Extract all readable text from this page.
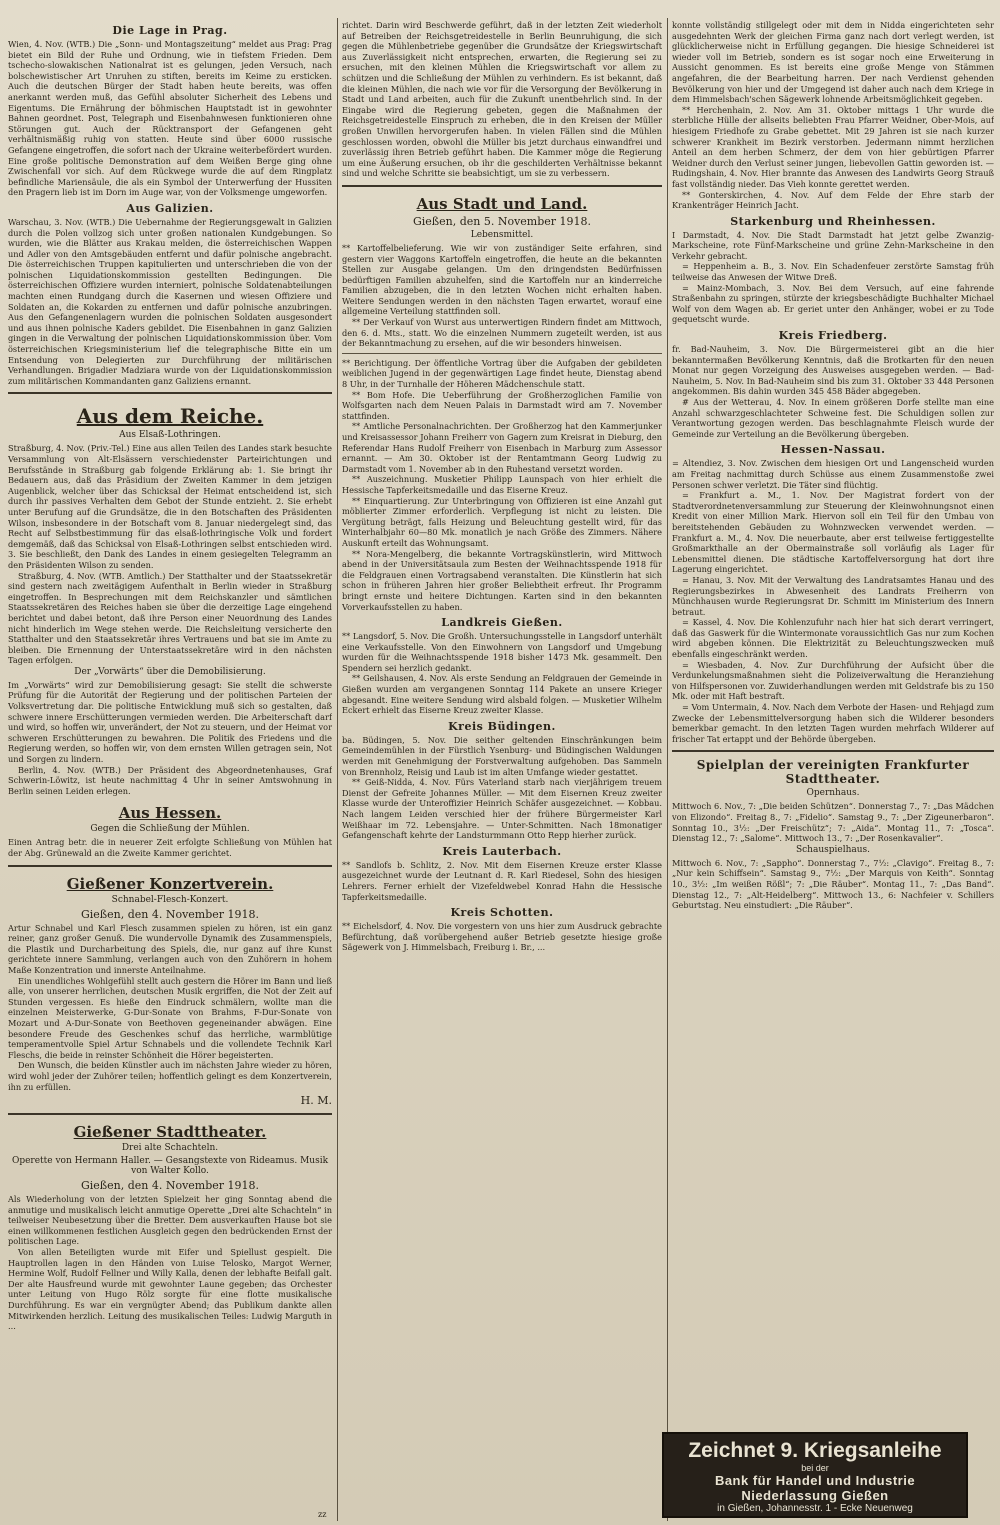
Die Lage in Prag.

Wien, 4. Nov. (WTB.) Die „Sonn- und Montagszeitung“ meldet aus Prag: Prag bietet ein Bild der Ruhe und Ordnung, wie in tiefstem Frieden. Dem tschecho-slowakischen Nationalrat ist es gelungen, jeden Versuch, nach bolschewistischer Art Unruhen zu stiften, bereits im Keime zu ersticken. Auch die deutschen Bürger der Stadt haben heute bereits, was offen anerkannt werden muß, das Gefühl absoluter Sicherheit des Lebens und Eigentums. Die Ernährung der böhmischen Hauptstadt ist in gewohnter Bahnen geordnet. Post, Telegraph und Eisenbahnwesen funktionieren ohne Störungen gut. Auch der Rücktransport der Gefangenen geht verhältnismäßig ruhig von statten. Heute sind über 6000 russische Gefangene eingetroffen, die sofort nach der Ukraine weiterbefördert wurden. Eine große politische Demonstration auf dem Weißen Berge ging ohne Zwischenfall vor sich. Auf dem Rückwege wurde die auf dem Ringplatz befindliche Mariensäule, die als ein Symbol der Unterwerfung der Hussiten den Pragern lieb ist im Dorn im Auge war, von der Volksmenge umgeworfen.

Aus Galizien.

Warschau, 3. Nov. (WTB.) Die Uebernahme der Regierungsgewalt in Galizien durch die Polen vollzog sich unter großen nationalen Kundgebungen. So wurden, wie die Blätter aus Krakau melden, die österreichischen Wappen und Adler von den Amtsgebäuden entfernt und dafür polnische angebracht. Die österreichischen Truppen kapitulierten und unterschrieben die von der polnischen Liquidationskommission gestellten Bedingungen. Die österreichischen Offiziere wurden interniert, polnische Soldatenabteilungen machten einen Rundgang durch die Kasernen und wiesen Offiziere und Soldaten an, die Kokarden zu entfernen und dafür polnische anzubringen. Aus den Gefangenenlagern wurden die polnischen Soldaten ausgesondert und aus ihnen polnische Kaders gebildet. Die Eisenbahnen in ganz Galizien gingen in die Verwaltung der polnischen Liquidationskommission über. Vom österreichischen Kriegsministerium lief die telegraphische Bitte ein um Entsendung von Delegierten zur Durchführung der militärischen Verhandlungen. Brigadier Madziara wurde von der Liquidationskommission zum militärischen Kommandanten ganz Galiziens ernannt.

Aus dem Reiche.
Aus Elsaß-Lothringen.

Straßburg, 4. Nov. (Priv.-Tel.) Eine aus allen Teilen des Landes stark besuchte Versammlung von Alt-Elsässern verschiedenster Parteirichtungen und Berufsstände in Straßburg gab folgende Erklärung ab: 1. Sie bringt ihr Bedauern aus, daß das Präsidium der Zweiten Kammer in dem jetzigen Augenblick, welcher über das Schicksal der Heimat entscheidend ist, sich durch ihr passives Verhalten dem Gebot der Stunde entzieht. 2. Sie erhebt unter Berufung auf die Grundsätze, die in den Botschaften des Präsidenten Wilson, insbesondere in der Botschaft vom 8. Januar niedergelegt sind, das Recht auf Selbstbestimmung für das elsaß-lothringische Volk und fordert demgemäß, daß das Schicksal von Elsaß-Lothringen selbst entschieden wird. 3. Sie beschließt, den Dank des Landes in einem gesiegelten Telegramm an den Präsidenten Wilson zu senden.

Straßburg, 4. Nov. (WTB. Amtlich.) Der Statthalter und der Staatssekretär sind gestern nach zweitägigem Aufenthalt in Berlin wieder in Straßburg eingetroffen. In Besprechungen mit dem Reichskanzler und sämtlichen Staatssekretären des Reiches haben sie über die derzeitige Lage eingehend berichtet und dabei betont, daß ihre Person einer Neuordnung des Landes nicht hinderlich im Wege stehen werde. Die Reichsleitung versicherte den Statthalter und den Staatssekretär ihres Vertrauens und bat sie im Amte zu bleiben. Die Ernennung der Unterstaatssekretäre wird in den nächsten Tagen erfolgen.

Der „Vorwärts“ über die Demobilisierung.

Im „Vorwärts“ wird zur Demobilisierung gesagt: Sie stellt die schwerste Prüfung für die Autorität der Regierung und der politischen Parteien der Volksvertretung dar. Die politische Entwicklung muß sich so gestalten, daß schwere innere Erschütterungen vermieden werden. Die Arbeiterschaft darf und wird, so hoffen wir, unverändert, der Not zu steuern, und der Heimat vor schweren Erschütterungen zu bewahren. Die Politik des Friedens und die Regierung werden, so hoffen wir, von dem ernsten Willen getragen sein, Not und Sorgen zu lindern.

Berlin, 4. Nov. (WTB.) Der Präsident des Abgeordnetenhauses, Graf Schwerin-Löwitz, ist heute nachmittag 4 Uhr in seiner Amtswohnung in Berlin seinen Leiden erlegen.

Aus Hessen.
Gegen die Schließung der Mühlen.

Einen Antrag betr. die in neuerer Zeit erfolgte Schließung von Mühlen hat der Abg. Grünewald an die Zweite Kammer gerichtet.

Gießener Konzertverein.
Schnabel-Flesch-Konzert.
Gießen, den 4. November 1918.

Artur Schnabel und Karl Flesch zusammen spielen zu hören, ist ein ganz reiner, ganz großer Genuß. Die wundervolle Dynamik des Zusammenspiels, die Plastik und Durcharbeitung des Spiels, die, nur ganz auf ihre Kunst gerichtete innere Sammlung, verlangen auch von den Zuhörern in hohem Maße Konzentration und innerste Anteilnahme.

Ein unendliches Wohlgefühl stellt auch gestern die Hörer im Bann und ließ alle, von unserer herrlichen, deutschen Musik ergriffen, die Not der Zeit auf Stunden vergessen. Es hieße den Eindruck schmälern, wollte man die einzelnen Meisterwerke, G-Dur-Sonate von Brahms, F-Dur-Sonate von Mozart und A-Dur-Sonate von Beethoven gegeneinander abwägen. Eine besondere Freude des Geschenkes schuf das herrliche, warmblütige temperamentvolle Spiel Artur Schnabels und die vollendete Technik Karl Fleschs, die beide in reinster Schönheit die Hörer begeisterten.

Den Wunsch, die beiden Künstler auch im nächsten Jahre wieder zu hören, wird wohl jeder der Zuhörer teilen; hoffentlich gelingt es dem Konzertverein, ihn zu erfüllen.

H. M.
Gießener Stadttheater.
Drei alte Schachteln.
Operette von Hermann Haller. — Gesangstexte von Rideamus. Musik von Walter Kollo.
Gießen, den 4. November 1918.

Als Wiederholung von der letzten Spielzeit her ging Sonntag abend die anmutige und musikalisch leicht anmutige Operette „Drei alte Schachteln“ in teilweiser Neubesetzung über die Bretter. Dem ausverkauften Hause bot sie einen willkommenen festlichen Ausgleich gegen den bedrückenden Ernst der politischen Lage.

Von allen Beteiligten wurde mit Eifer und Spiellust gespielt. Die Hauptrollen lagen in den Händen von Luise Telosko, Margot Werner, Hermine Wolf, Rudolf Fellner und Willy Kalla, denen der lebhafte Beifall galt. Der alte Hausfreund wurde mit gewohnter Laune gegeben; das Orchester unter Leitung von Hugo Rölz sorgte für eine flotte musikalische Durchführung. Es war ein vergnügter Abend; das Publikum dankte allen Mitwirkenden herzlich. Leitung des musikalischen Teiles: Ludwig Marguth in ...

richtet. Darin wird Beschwerde geführt, daß in der letzten Zeit wiederholt auf Betreiben der Reichsgetreidestelle in Berlin Beunruhigung, die sich gegen die Mühlenbetriebe gegenüber die Grundsätze der Kriegswirtschaft aus Zuverlässigkeit nicht entsprechen, erwarten, die Regierung sei zu ersuchen, mit den kleinen Mühlen die Kriegswirtschaft vor allem zu schützen und die Schließung der Mühlen zu verhindern. Es ist bekannt, daß die kleinen Mühlen, die nach wie vor für die Versorgung der Bevölkerung in Stadt und Land arbeiten, auch für die Zukunft unentbehrlich sind. In der Eingabe wird die Regierung gebeten, gegen die Maßnahmen der Reichsgetreidestelle Einspruch zu erheben, die in den Kreisen der Müller großen Unwillen hervorgerufen haben. In vielen Fällen sind die Mühlen geschlossen worden, obwohl die Müller bis jetzt durchaus einwandfrei und zuverlässig ihren Betrieb geführt haben. Die Kammer möge die Regierung um eine Äußerung ersuchen, ob ihr die geschilderten Verhältnisse bekannt sind und welche Schritte sie beabsichtigt, um sie zu verbessern.

Aus Stadt und Land.
Gießen, den 5. November 1918.
Lebensmittel.

** Kartoffelbelieferung. Wie wir von zuständiger Seite erfahren, sind gestern vier Waggons Kartoffeln eingetroffen, die heute an die bekannten Stellen zur Ausgabe gelangen. Um den dringendsten Bedürfnissen bedürftigen Familien abzuhelfen, sind die Kartoffeln nur an kinderreiche Familien abzugeben, die in den letzten Wochen nicht erhalten haben. Weitere Sendungen werden in den nächsten Tagen erwartet, worauf eine allgemeine Verteilung stattfinden soll.

** Der Verkauf von Wurst aus unterwertigen Rindern findet am Mittwoch, den 6. d. Mts., statt. Wo die einzelnen Nummern zugeteilt werden, ist aus der Bekanntmachung zu ersehen, auf die wir besonders hinweisen.

** Berichtigung. Der öffentliche Vortrag über die Aufgaben der gebildeten weiblichen Jugend in der gegenwärtigen Lage findet heute, Dienstag abend 8 Uhr, in der Turnhalle der Höheren Mädchenschule statt.

** Bom Hofe. Die Ueberführung der Großherzoglichen Familie von Wolfsgarten nach dem Neuen Palais in Darmstadt wird am 7. November stattfinden.

** Amtliche Personalnachrichten. Der Großherzog hat den Kammerjunker und Kreisassessor Johann Freiherr von Gagern zum Kreisrat in Dieburg, den Referendar Hans Rudolf Freiherr von Eisenbach in Marburg zum Assessor ernannt. — Am 30. Oktober ist der Rentamtmann Georg Ludwig zu Darmstadt vom 1. November ab in den Ruhestand versetzt worden.

** Auszeichnung. Musketier Philipp Launspach von hier erhielt die Hessische Tapferkeitsmedaille und das Eiserne Kreuz.

** Einquartierung. Zur Unterbringung von Offizieren ist eine Anzahl gut möblierter Zimmer erforderlich. Verpflegung ist nicht zu leisten. Die Vergütung beträgt, falls Heizung und Beleuchtung gestellt wird, für das Winterhalbjahr 60—80 Mk. monatlich je nach Größe des Zimmers. Nähere Auskunft erteilt das Wohnungsamt.

** Nora-Mengelberg, die bekannte Vortragskünstlerin, wird Mittwoch abend in der Universitätsaula zum Besten der Weihnachtsspende 1918 für die Feldgrauen einen Vortragsabend veranstalten. Die Künstlerin hat sich schon in früheren Jahren hier großer Beliebtheit erfreut. Ihr Programm bringt ernste und heitere Dichtungen. Karten sind in den bekannten Vorverkaufsstellen zu haben.

Landkreis Gießen.

** Langsdorf, 5. Nov. Die Großh. Untersuchungsstelle in Langsdorf unterhält eine Verkaufsstelle. Von den Einwohnern von Langsdorf und Umgebung wurden für die Weihnachtsspende 1918 bisher 1473 Mk. gesammelt. Den Spendern sei herzlich gedankt.

** Geilshausen, 4. Nov. Als erste Sendung an Feldgrauen der Gemeinde in Gießen wurden am vergangenen Sonntag 114 Pakete an unsere Krieger abgesandt. Eine weitere Sendung wird alsbald folgen. — Musketier Wilhelm Eckert erhielt das Eiserne Kreuz zweiter Klasse.

Kreis Büdingen.

ba. Büdingen, 5. Nov. Die seither geltenden Einschränkungen beim Gemeindemühlen in der Fürstlich Ysenburg- und Büdingischen Waldungen werden mit Genehmigung der Forstverwaltung aufgehoben. Das Sammeln von Brennholz, Reisig und Laub ist im alten Umfange wieder gestattet.

** Geiß-Nidda, 4. Nov. Fürs Vaterland starb nach vierjährigem treuem Dienst der Gefreite Johannes Müller. — Mit dem Eisernen Kreuz zweiter Klasse wurde der Unteroffizier Heinrich Schäfer ausgezeichnet. — Kobbau. Nach langem Leiden verschied hier der frühere Bürgermeister Karl Weißhaar im 72. Lebensjahre. — Unter-Schmitten. Nach 18monatiger Gefangenschaft kehrte der Landsturmmann Otto Repp hierher zurück.

Kreis Lauterbach.

** Sandlofs b. Schlitz, 2. Nov. Mit dem Eisernen Kreuze erster Klasse ausgezeichnet wurde der Leutnant d. R. Karl Riedesel, Sohn des hiesigen Lehrers. Ferner erhielt der Vizefeldwebel Konrad Hahn die Hessische Tapferkeitsmedaille.

Kreis Schotten.

** Eichelsdorf, 4. Nov. Die vorgestern von uns hier zum Ausdruck gebrachte Befürchtung, daß vorübergehend außer Betrieb gesetzte hiesige große Sägewerk von J. Himmelsbach, Freiburg i. Br., ...

konnte vollständig stillgelegt oder mit dem in Nidda eingerichteten sehr ausgedehnten Werk der gleichen Firma ganz nach dort verlegt werden, ist glücklicherweise nicht in Erfüllung gegangen. Die hiesige Schneiderei ist wieder voll im Betrieb, sondern es ist sogar noch eine Erweiterung in Aussicht genommen. Es ist bereits eine große Menge von Stämmen angefahren, die der Bearbeitung harren. Der nach Verdienst gehenden Bevölkerung von hier und der Umgegend ist daher auch nach dem Kriege in dem Himmelsbach'schen Sägewerk lohnende Arbeitsmöglichkeit gegeben.

** Herchenhain, 2. Nov. Am 31. Oktober mittags 1 Uhr wurde die sterbliche Hülle der allseits beliebten Frau Pfarrer Weidner, Ober-Mois, auf hiesigem Friedhofe zu Grabe gebettet. Mit 29 Jahren ist sie nach kurzer schwerer Krankheit im Bezirk verstorben. Jedermann nimmt herzlichen Anteil an dem herben Schmerz, der dem von hier gebürtigen Pfarrer Weidner durch den Verlust seiner jungen, liebevollen Gattin geworden ist. — Rudingshain, 4. Nov. Hier brannte das Anwesen des Landwirts Georg Strauß fast vollständig nieder. Das Vieh konnte gerettet werden.

** Gonterskirchen, 4. Nov. Auf dem Felde der Ehre starb der Krankenträger Heinrich Jacht.

Starkenburg und Rheinhessen.

I Darmstadt, 4. Nov. Die Stadt Darmstadt hat jetzt gelbe Zwanzig-Markscheine, rote Fünf-Markscheine und grüne Zehn-Markscheine in den Verkehr gebracht.

= Heppenheim a. B., 3. Nov. Ein Schadenfeuer zerstörte Samstag früh teilweise das Anwesen der Witwe Dreß.

= Mainz-Mombach, 3. Nov. Bei dem Versuch, auf eine fahrende Straßenbahn zu springen, stürzte der kriegsbeschädigte Buchhalter Michael Wolf von dem Wagen ab. Er geriet unter den Anhänger, wobei er zu Tode gequetscht wurde.

Kreis Friedberg.

fr. Bad-Nauheim, 3. Nov. Die Bürgermeisterei gibt an die hier bekanntermaßen Bevölkerung Kenntnis, daß die Brotkarten für den neuen Monat nur gegen Vorzeigung des Ausweises ausgegeben werden. — Bad-Nauheim, 5. Nov. In Bad-Nauheim sind bis zum 31. Oktober 33 448 Personen angekommen. Bis dahin wurden 345 458 Bäder abgegeben.

# Aus der Wetterau, 4. Nov. In einem größeren Dorfe stellte man eine Anzahl schwarzgeschlachteter Schweine fest. Die Schuldigen sollen zur Verantwortung gezogen werden. Das beschlagnahmte Fleisch wurde der Gemeinde zur Verteilung an die Bevölkerung übergeben.

Hessen-Nassau.

= Altendiez, 3. Nov. Zwischen dem hiesigen Ort und Langenscheid wurden am Freitag nachmittag durch Schüsse aus einem Zusammenstoße zwei Personen schwer verletzt. Die Täter sind flüchtig.

= Frankfurt a. M., 1. Nov. Der Magistrat fordert von der Stadtverordnetenversammlung zur Steuerung der Kleinwohnungsnot einen Kredit von einer Million Mark. Hiervon soll ein Teil für den Umbau von bereitstehenden Gebäuden zu Wohnzwecken verwendet werden. — Frankfurt a. M., 4. Nov. Die neuerbaute, aber erst teilweise fertiggestellte Großmarkthalle an der Obermainstraße soll vorläufig als Lager für Lebensmittel dienen. Die städtische Kartoffelversorgung hat dort ihre Lagerung eingerichtet.

= Hanau, 3. Nov. Mit der Verwaltung des Landratsamtes Hanau und des Regierungsbezirkes in Abwesenheit des Landrats Freiherrn von Münchhausen wurde Regierungsrat Dr. Schmitt im Ministerium des Innern betraut.

= Kassel, 4. Nov. Die Kohlenzufuhr nach hier hat sich derart verringert, daß das Gaswerk für die Wintermonate voraussichtlich Gas nur zum Kochen wird abgeben können. Die Elektrizität zu Beleuchtungszwecken muß ebenfalls eingeschränkt werden.

= Wiesbaden, 4. Nov. Zur Durchführung der Aufsicht über die Verdunkelungsmaßnahmen sieht die Polizeiverwaltung die Heranziehung von Hilfspersonen vor. Zuwiderhandlungen werden mit Geldstrafe bis zu 150 Mk. oder mit Haft bestraft.

= Vom Untermain, 4. Nov. Nach dem Verbote der Hasen- und Rehjagd zum Zwecke der Lebensmittelversorgung haben sich die Wilderer besonders bemerkbar gemacht. In den letzten Tagen wurden mehrfach Wilderer auf frischer Tat ertappt und der Behörde übergeben.

Spielplan der vereinigten Frankfurter Stadttheater.
Opernhaus.

Mittwoch 6. Nov., 7: „Die beiden Schützen“. Donnerstag 7., 7: „Das Mädchen von Elizondo“. Freitag 8., 7: „Fidelio“. Samstag 9., 7: „Der Zigeunerbaron“. Sonntag 10., 3½: „Der Freischütz“; 7: „Aida“. Montag 11., 7: „Tosca“. Dienstag 12., 7: „Salome“. Mittwoch 13., 7: „Der Rosenkavalier“.

Schauspielhaus.

Mittwoch 6. Nov., 7: „Sappho“. Donnerstag 7., 7½: „Clavigo“. Freitag 8., 7: „Nur kein Schiffsein“. Samstag 9., 7½: „Der Marquis von Keith“. Sonntag 10., 3½: „Im weißen Rößl“; 7: „Die Räuber“. Montag 11., 7: „Das Band“. Dienstag 12., 7: „Alt-Heidelberg“. Mittwoch 13., 6: Nachfeier v. Schillers Geburtstag. Neu einstudiert: „Die Räuber“.

Zeichnet 9. Kriegsanleihe
bei der
Bank für Handel und Industrie
Niederlassung Gießen
in Gießen, Johannesstr. 1 - Ecke Neuenweg
zz
